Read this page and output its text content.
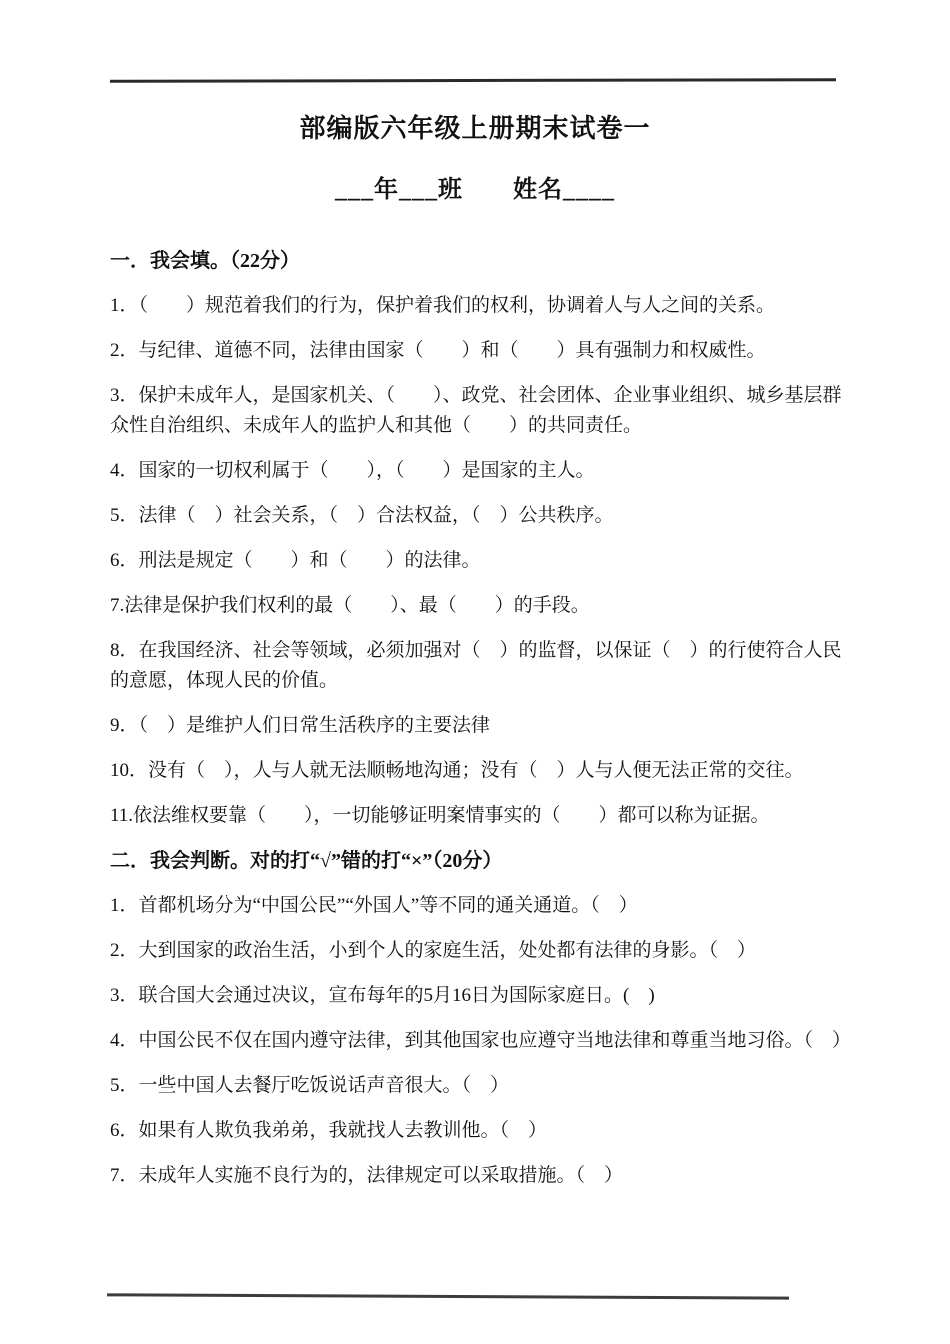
部编版六年级上册期末试卷一
___年___班　　姓名____

一．我会填。（22分）

1．（　　）规范着我们的行为，保护着我们的权利，协调着人与人之间的关系。

2．与纪律、道德不同，法律由国家（　　）和（　　）具有强制力和权威性。

3．保护未成年人，是国家机关、（　　）、政党、社会团体、企业事业组织、城乡基层群众性自治组织、未成年人的监护人和其他（　　）的共同责任。

4．国家的一切权利属于（　　），（　　）是国家的主人。

5．法律（　）社会关系，（　）合法权益，（　）公共秩序。

6．刑法是规定（　　）和（　　）的法律。

7.法律是保护我们权利的最（　　）、最（　　）的手段。

8．在我国经济、社会等领域，必须加强对（　）的监督，以保证（　）的行使符合人民的意愿，体现人民的价值。

9．（　）是维护人们日常生活秩序的主要法律

10．没有（　），人与人就无法顺畅地沟通；没有（　）人与人便无法正常的交往。

11.依法维权要靠（　　），一切能够证明案情事实的（　　）都可以称为证据。

二．我会判断。对的打“√”错的打“×”（20分）

1．首都机场分为“中国公民”“外国人”等不同的通关通道。（　）

2．大到国家的政治生活，小到个人的家庭生活，处处都有法律的身影。（　）

3．联合国大会通过决议，宣布每年的5月16日为国际家庭日。(　)

4．中国公民不仅在国内遵守法律，到其他国家也应遵守当地法律和尊重当地习俗。（　）

5．一些中国人去餐厅吃饭说话声音很大。（　）

6．如果有人欺负我弟弟，我就找人去教训他。（　）

7．未成年人实施不良行为的，法律规定可以采取措施。（　）
